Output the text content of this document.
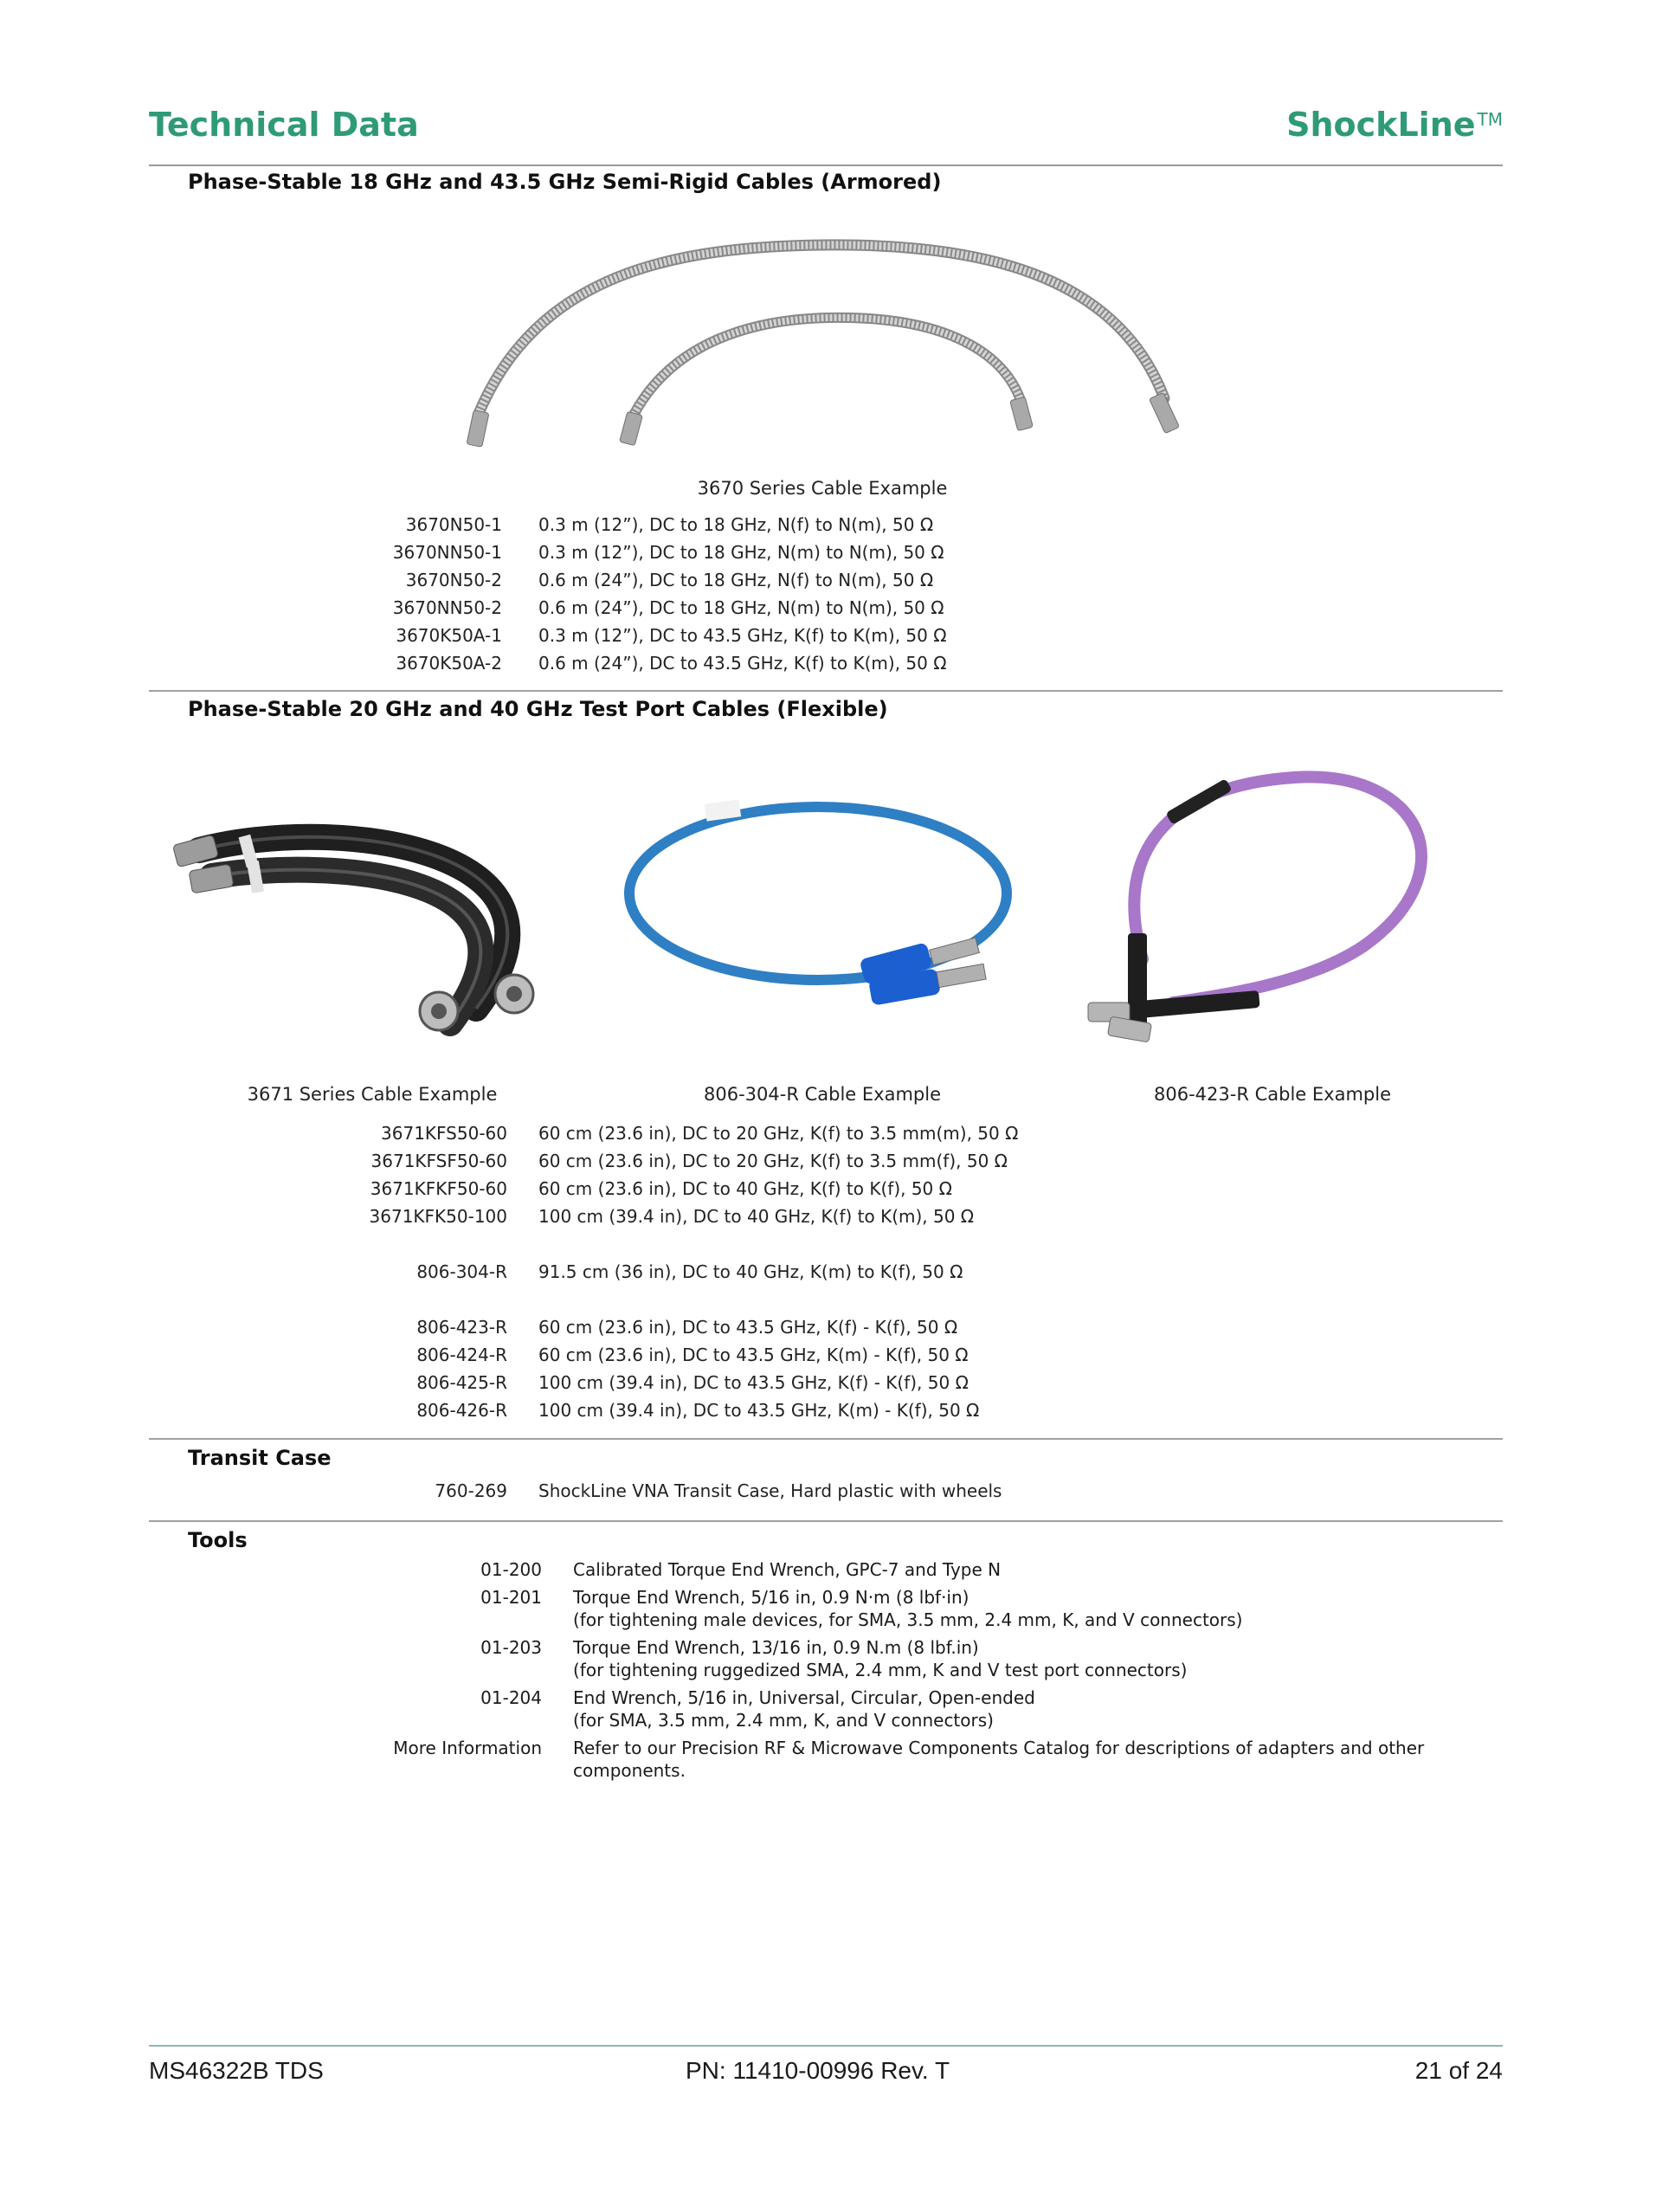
Technical Data	ShockLine ™
Phase-Stable 18 GHz and 43.5 GHz Semi-Rigid Cables (Armored)
3670 Series Cable Example
3670N50-1	0.3 m (12”), DC to 18 GHz, N(f) to N(m), 50 Ω
3670NN50-1	0.3 m (12”), DC to 18 GHz, N(m) to N(m), 50 Ω
3670N50-2	0.6 m (24”), DC to 18 GHz, N(f) to N(m), 50 Ω
3670NN50-2	0.6 m (24”), DC to 18 GHz, N(m) to N(m), 50 Ω
3670K50A-1	0.3 m (12”), DC to 43.5 GHz, K(f) to K(m), 50 Ω
3670K50A-2	0.6 m (24”), DC to 43.5 GHz, K(f) to K(m), 50 Ω
Phase-Stable 20 GHz and 40 GHz Test Port Cables (Flexible)
3671 Series Cable Example	806-304-R Cable Example	806-423-R Cable Example
3671KFS50-60	60 cm (23.6 in), DC to 20 GHz, K(f) to 3.5 mm(m), 50 Ω
3671KFSF50-60	60 cm (23.6 in), DC to 20 GHz, K(f) to 3.5 mm(f), 50 Ω
3671KFKF50-60	60 cm (23.6 in), DC to 40 GHz, K(f) to K(f), 50 Ω
3671KFK50-100	100 cm (39.4 in), DC to 40 GHz, K(f) to K(m), 50 Ω
806-304-R	91.5 cm (36 in), DC to 40 GHz, K(m) to K(f), 50 Ω
806-423-R	60 cm (23.6 in), DC to 43.5 GHz, K(f) - K(f), 50 Ω
806-424-R	60 cm (23.6 in), DC to 43.5 GHz, K(m) - K(f), 50 Ω
806-425-R	100 cm (39.4 in), DC to 43.5 GHz, K(f) - K(f), 50 Ω
806-426-R	100 cm (39.4 in), DC to 43.5 GHz, K(m) - K(f), 50 Ω
Transit Case
760-269	ShockLine VNA Transit Case, Hard plastic with wheels
Tools
01-200	Calibrated Torque End Wrench, GPC-7 and Type N
01-201	Torque End Wrench, 5/16 in, 0.9 N·m (8 lbf·in)
(for tightening male devices, for SMA, 3.5 mm, 2.4 mm, K, and V connectors)
01-203	Torque End Wrench, 13/16 in, 0.9 N.m (8 lbf.in)
(for tightening ruggedized SMA, 2.4 mm, K and V test port connectors)
01-204	End Wrench, 5/16 in, Universal, Circular, Open-ended
(for SMA, 3.5 mm, 2.4 mm, K, and V connectors)
More Information	Refer to our Precision RF & Microwave Components Catalog for descriptions of adapters and other
components.
MS46322B TDS	PN: 11410-00996 Rev. T	21 of 24
